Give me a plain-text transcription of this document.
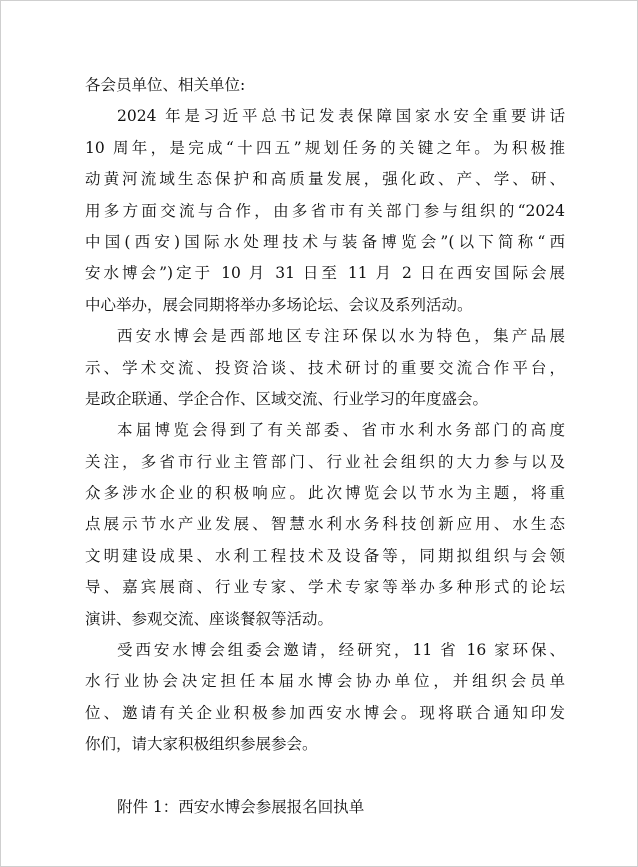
各会员单位、相关单位:
2024 年是习近平总书记发表保障国家水安全重要讲话
10 周年，是完成“十四五”规划任务的关键之年。为积极推
动黄河流域生态保护和高质量发展，强化政、产、学、研、
用多方面交流与合作，由多省市有关部门参与组织的“2024
中国(西安)国际水处理技术与装备博览会”(以下简称“西
安水博会”)定于 10 月 31 日至 11 月 2 日在西安国际会展
中心举办，展会同期将举办多场论坛、会议及系列活动。
西安水博会是西部地区专注环保以水为特色，集产品展
示、学术交流、投资洽谈、技术研讨的重要交流合作平台，
是政企联通、学企合作、区域交流、行业学习的年度盛会。
本届博览会得到了有关部委、省市水利水务部门的高度
关注，多省市行业主管部门、行业社会组织的大力参与以及
众多涉水企业的积极响应。此次博览会以节水为主题，将重
点展示节水产业发展、智慧水利水务科技创新应用、水生态
文明建设成果、水利工程技术及设备等，同期拟组织与会领
导、嘉宾展商、行业专家、学术专家等举办多种形式的论坛
演讲、参观交流、座谈餐叙等活动。
受西安水博会组委会邀请，经研究，11 省 16 家环保、
水行业协会决定担任本届水博会协办单位，并组织会员单
位、邀请有关企业积极参加西安水博会。现将联合通知印发
你们，请大家积极组织参展参会。
附件 1：西安水博会参展报名回执单
